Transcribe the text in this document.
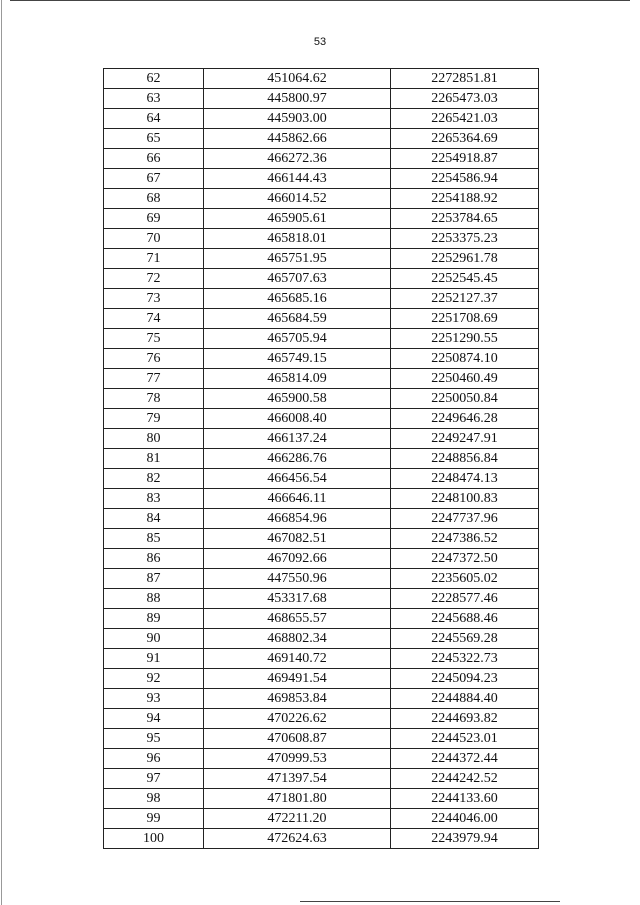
53
62	451064.62	2272851.81
63	445800.97	2265473.03
64	445903.00	2265421.03
65	445862.66	2265364.69
66	466272.36	2254918.87
67	466144.43	2254586.94
68	466014.52	2254188.92
69	465905.61	2253784.65
70	465818.01	2253375.23
71	465751.95	2252961.78
72	465707.63	2252545.45
73	465685.16	2252127.37
74	465684.59	2251708.69
75	465705.94	2251290.55
76	465749.15	2250874.10
77	465814.09	2250460.49
78	465900.58	2250050.84
79	466008.40	2249646.28
80	466137.24	2249247.91
81	466286.76	2248856.84
82	466456.54	2248474.13
83	466646.11	2248100.83
84	466854.96	2247737.96
85	467082.51	2247386.52
86	467092.66	2247372.50
87	447550.96	2235605.02
88	453317.68	2228577.46
89	468655.57	2245688.46
90	468802.34	2245569.28
91	469140.72	2245322.73
92	469491.54	2245094.23
93	469853.84	2244884.40
94	470226.62	2244693.82
95	470608.87	2244523.01
96	470999.53	2244372.44
97	471397.54	2244242.52
98	471801.80	2244133.60
99	472211.20	2244046.00
100	472624.63	2243979.94
